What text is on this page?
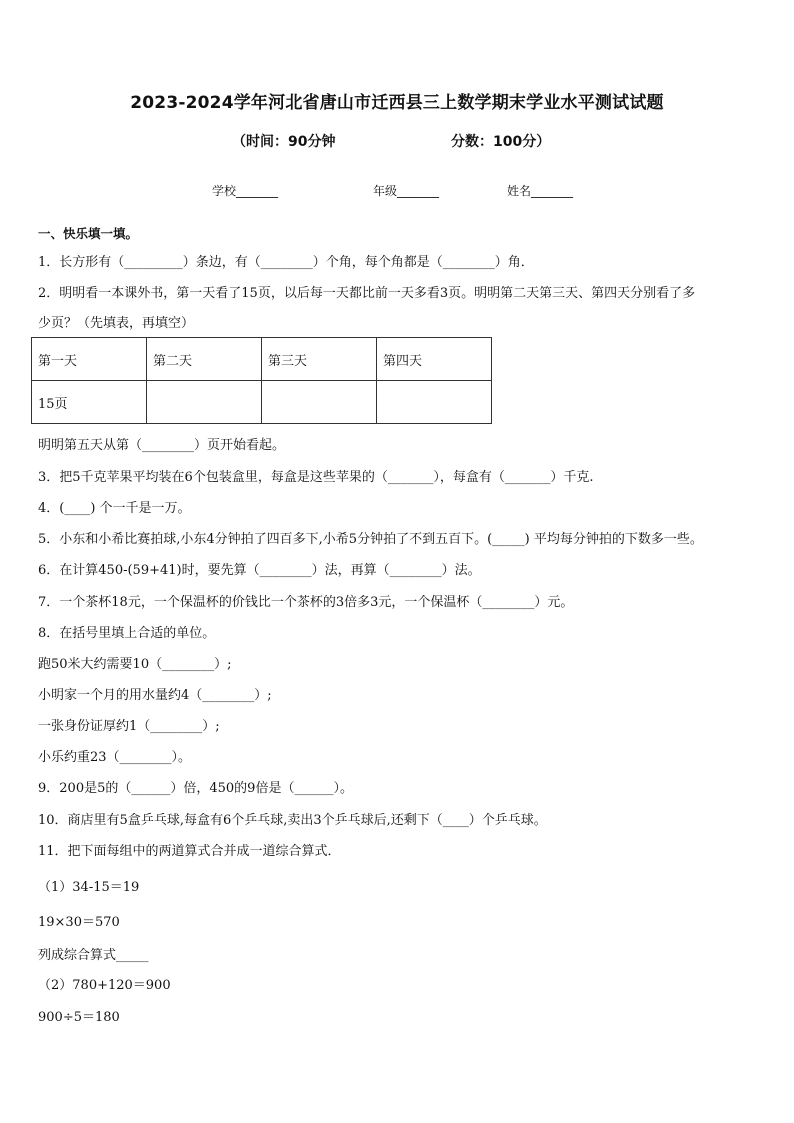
2023-2024学年河北省唐山市迁西县三上数学期末学业水平测试试题
（时间：90分钟	分数：100分）
学校_______	年级_______	姓名_______
一、快乐填一填。
1．长方形有（_________）条边，有（________）个角，每个角都是（________）角．
2．明明看一本课外书，第一天看了15页，以后每一天都比前一天多看3页。明明第二天第三天、第四天分别看了多
少页？（先填表，再填空）
第一天	第二天	第三天	第四天
15页			
明明第五天从第（________）页开始看起。
3．把5千克苹果平均装在6个包装盒里，每盒是这些苹果的（_______），每盒有（_______）千克.
4．(____) 个一千是一万。
5．小东和小希比赛拍球,小东4分钟拍了四百多下,小希5分钟拍了不到五百下。(_____) 平均每分钟拍的下数多一些。
6．在计算450-(59+41)时，要先算（________）法，再算（________）法。
7．一个茶杯18元，一个保温杯的价钱比一个茶杯的3倍多3元，一个保温杯（________）元。
8．在括号里填上合适的单位。
跑50米大约需要10（________）;
小明家一个月的用水量约4（________）;
一张身份证厚约1（________）;
小乐约重23（________）。
9．200是5的（______）倍，450的9倍是（______）。
10．商店里有5盒乒乓球,每盒有6个乒乓球,卖出3个乒乓球后,还剩下（____）个乒乓球。
11．把下面每组中的两道算式合并成一道综合算式．
（1）34-15＝19
19×30＝570
列成综合算式_____
（2）780+120＝900
900÷5＝180
